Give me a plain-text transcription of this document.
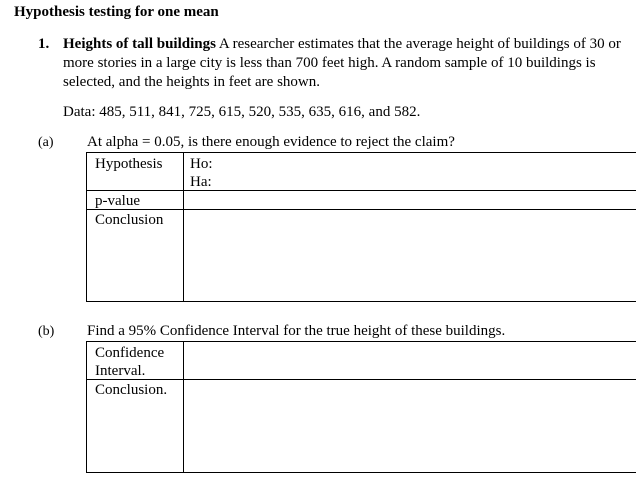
Hypothesis testing for one mean
1. Heights of tall buildings A researcher estimates that the average height of buildings of 30 or more stories in a large city is less than 700 feet high. A random sample of 10 buildings is selected, and the heights in feet are shown.
Data: 485, 511, 841, 725, 615, 520, 535, 635, 616, and 582.
(a) At alpha = 0.05, is there enough evidence to reject the claim?
Hypothesis Ho:
Ha:
p-value
Conclusion
(b) Find a 95% Confidence Interval for the true height of these buildings.
Confidence
Interval.
Conclusion.
